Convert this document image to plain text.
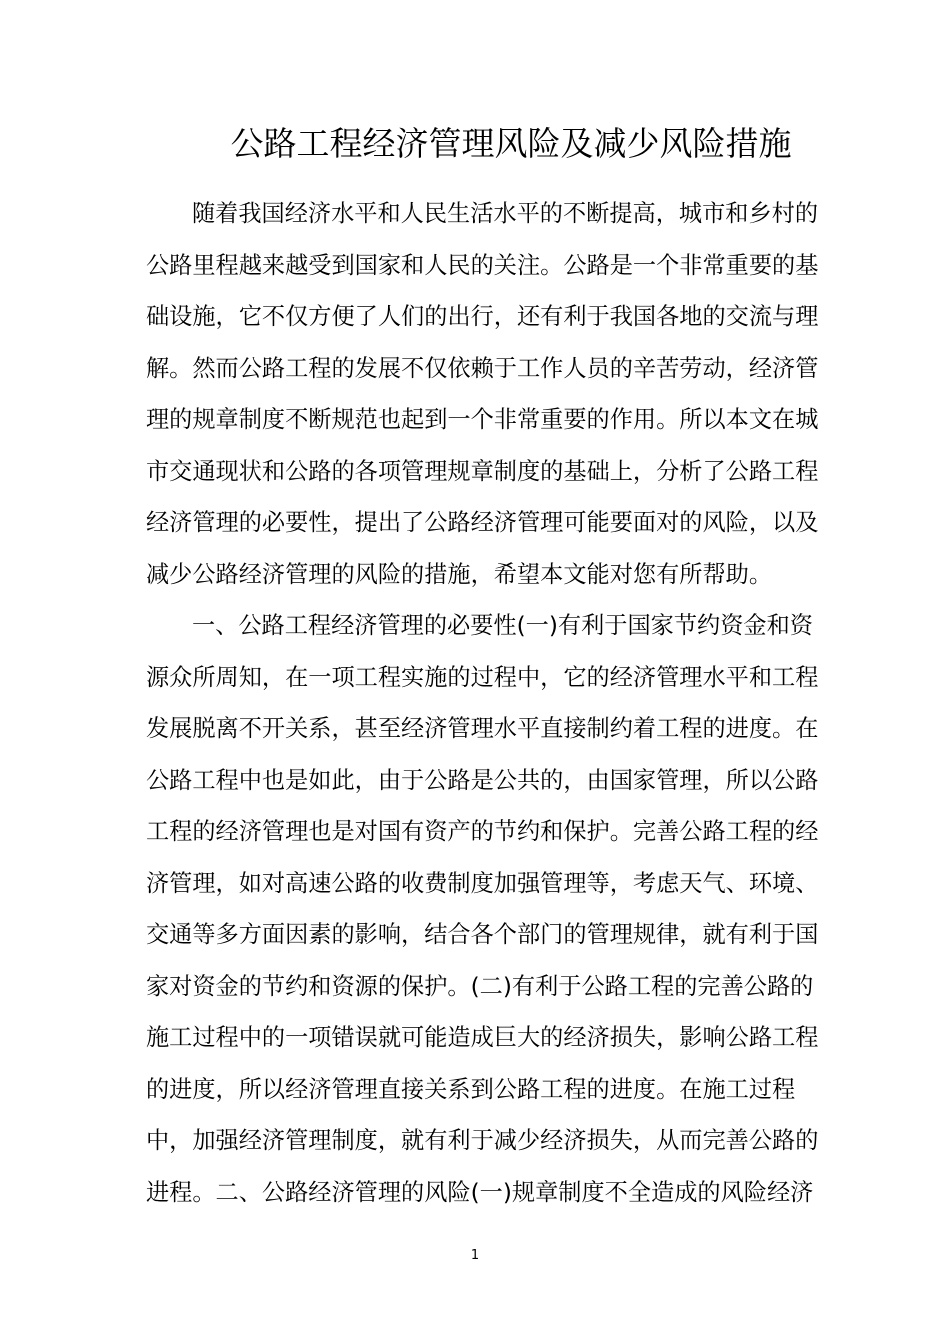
公路工程经济管理风险及减少风险措施
随着我国经济水平和人民生活水平的不断提高，城市和乡村的
公路里程越来越受到国家和人民的关注。公路是一个非常重要的基
础设施，它不仅方便了人们的出行，还有利于我国各地的交流与理
解。然而公路工程的发展不仅依赖于工作人员的辛苦劳动，经济管
理的规章制度不断规范也起到一个非常重要的作用。所以本文在城
市交通现状和公路的各项管理规章制度的基础上，分析了公路工程
经济管理的必要性，提出了公路经济管理可能要面对的风险，以及
减少公路经济管理的风险的措施，希望本文能对您有所帮助。
一、公路工程经济管理的必要性(一)有利于国家节约资金和资
源众所周知，在一项工程实施的过程中，它的经济管理水平和工程
发展脱离不开关系，甚至经济管理水平直接制约着工程的进度。在
公路工程中也是如此，由于公路是公共的，由国家管理，所以公路
工程的经济管理也是对国有资产的节约和保护。完善公路工程的经
济管理，如对高速公路的收费制度加强管理等，考虑天气、环境、
交通等多方面因素的影响，结合各个部门的管理规律，就有利于国
家对资金的节约和资源的保护。(二)有利于公路工程的完善公路的
施工过程中的一项错误就可能造成巨大的经济损失，影响公路工程
的进度，所以经济管理直接关系到公路工程的进度。在施工过程
中，加强经济管理制度，就有利于减少经济损失，从而完善公路的
进程。二、公路经济管理的风险(一)规章制度不全造成的风险经济
1
